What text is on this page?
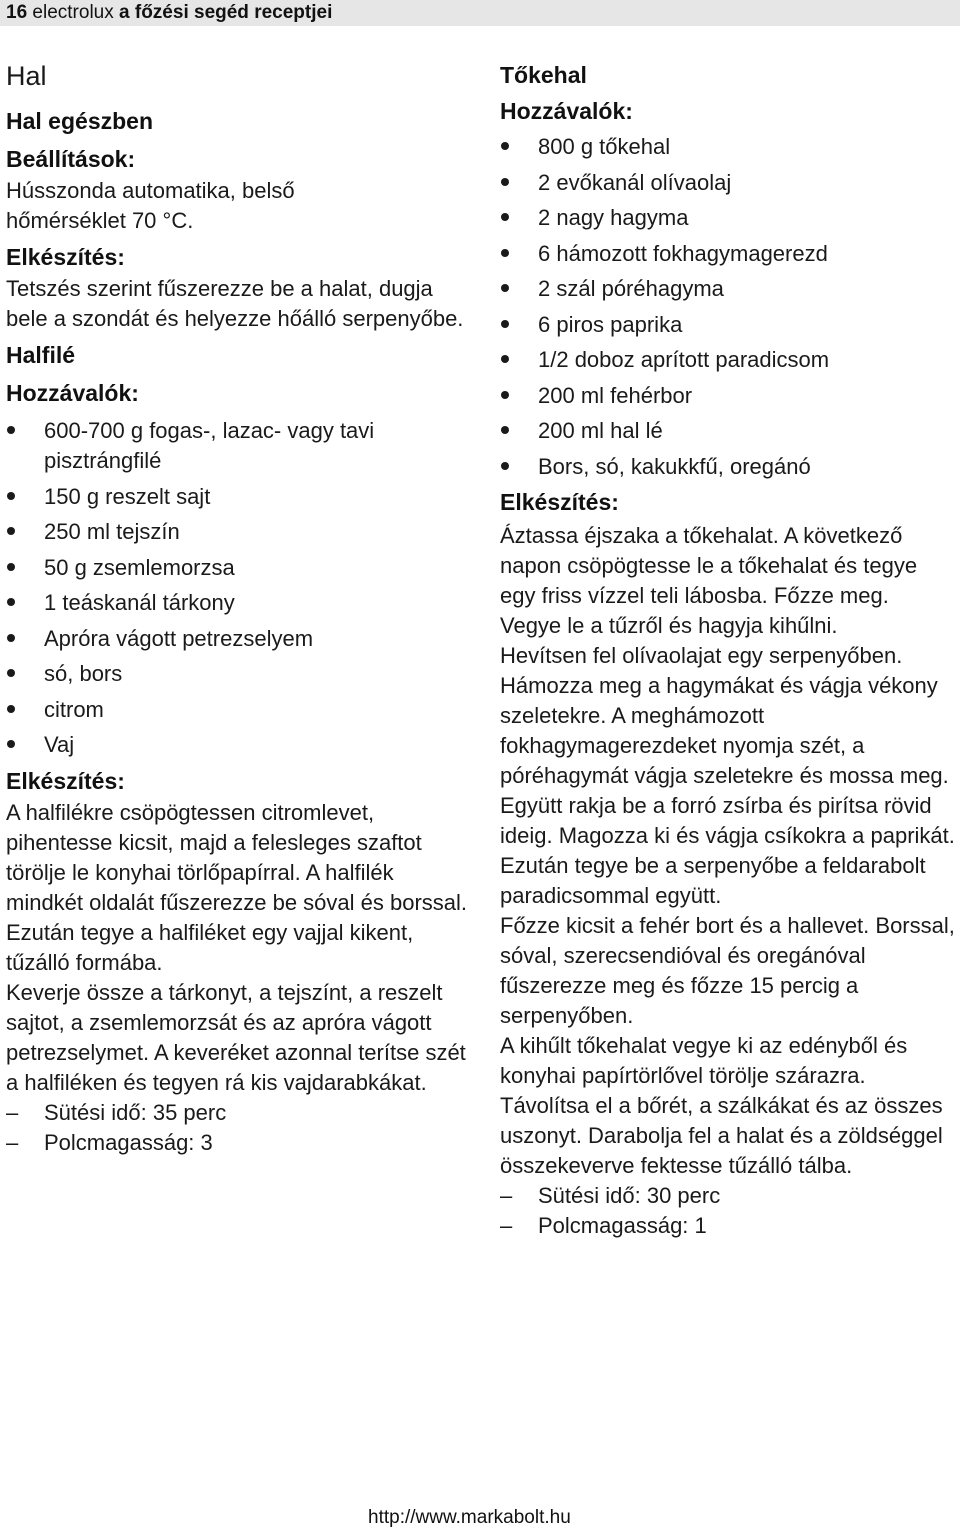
16 electrolux a főzési segéd receptjei
Hal
Hal egészben
Beállítások:
Hússzonda automatika, belső hőmérséklet 70 °C.
Elkészítés:
Tetszés szerint fűszerezze be a halat, dugja bele a szondát és helyezze hőálló serpenyőbe.
Halfilé
Hozzávalók:
600-700 g fogas-, lazac- vagy tavi pisztrángfilé
150 g reszelt sajt
250 ml tejszín
50 g zsemlemorzsa
1 teáskanál tárkony
Apróra vágott petrezselyem
só, bors
citrom
Vaj
Elkészítés:
A halfilékre csöpögtessen citromlevet, pihentesse kicsit, majd a felesleges szaftot törölje le konyhai törlőpapírral. A halfilék mindkét oldalát fűszerezze be sóval és borssal.
Ezután tegye a halfiléket egy vajjal kikent, tűzálló formába.
Keverje össze a tárkonyt, a tejszínt, a reszelt sajtot, a zsemlemorzsát és az apróra vágott petrezselymet. A keveréket azonnal terítse szét a halfiléken és tegyen rá kis vajdarabkákat.
– Sütési idő: 35 perc
– Polcmagasság: 3
Tőkehal
Hozzávalók:
800 g tőkehal
2 evőkanál olívaolaj
2 nagy hagyma
6 hámozott fokhagymagerezd
2 szál póréhagyma
6 piros paprika
1/2 doboz aprított paradicsom
200 ml fehérbor
200 ml hal lé
Bors, só, kakukkfű, oregánó
Elkészítés:
Áztassa éjszaka a tőkehalat. A következő napon csöpögtesse le a tőkehalat és tegye egy friss vízzel teli lábosba. Főzze meg. Vegye le a tűzről és hagyja kihűlni.
Hevítsen fel olívaolajat egy serpenyőben. Hámozza meg a hagymákat és vágja vékony szeletekre. A meghámozott fokhagymagerezdeket nyomja szét, a póréhagymát vágja szeletekre és mossa meg. Együtt rakja be a forró zsírba és pirítsa rövid ideig. Magozza ki és vágja csíkokra a paprikát. Ezután tegye be a serpenyőbe a feldarabolt paradicsommal együtt.
Főzze kicsit a fehér bort és a hallevet. Borssal, sóval, szerecsendióval és oregánóval fűszerezze meg és főzze 15 percig a serpenyőben.
A kihűlt tőkehalat vegye ki az edényből és konyhai papírtörlővel törölje szárazra. Távolítsa el a bőrét, a szálkákat és az összes uszonyt. Darabolja fel a halat és a zöldséggel összekeverve fektesse tűzálló tálba.
– Sütési idő: 30 perc
– Polcmagasság: 1
http://www.markabolt.hu
